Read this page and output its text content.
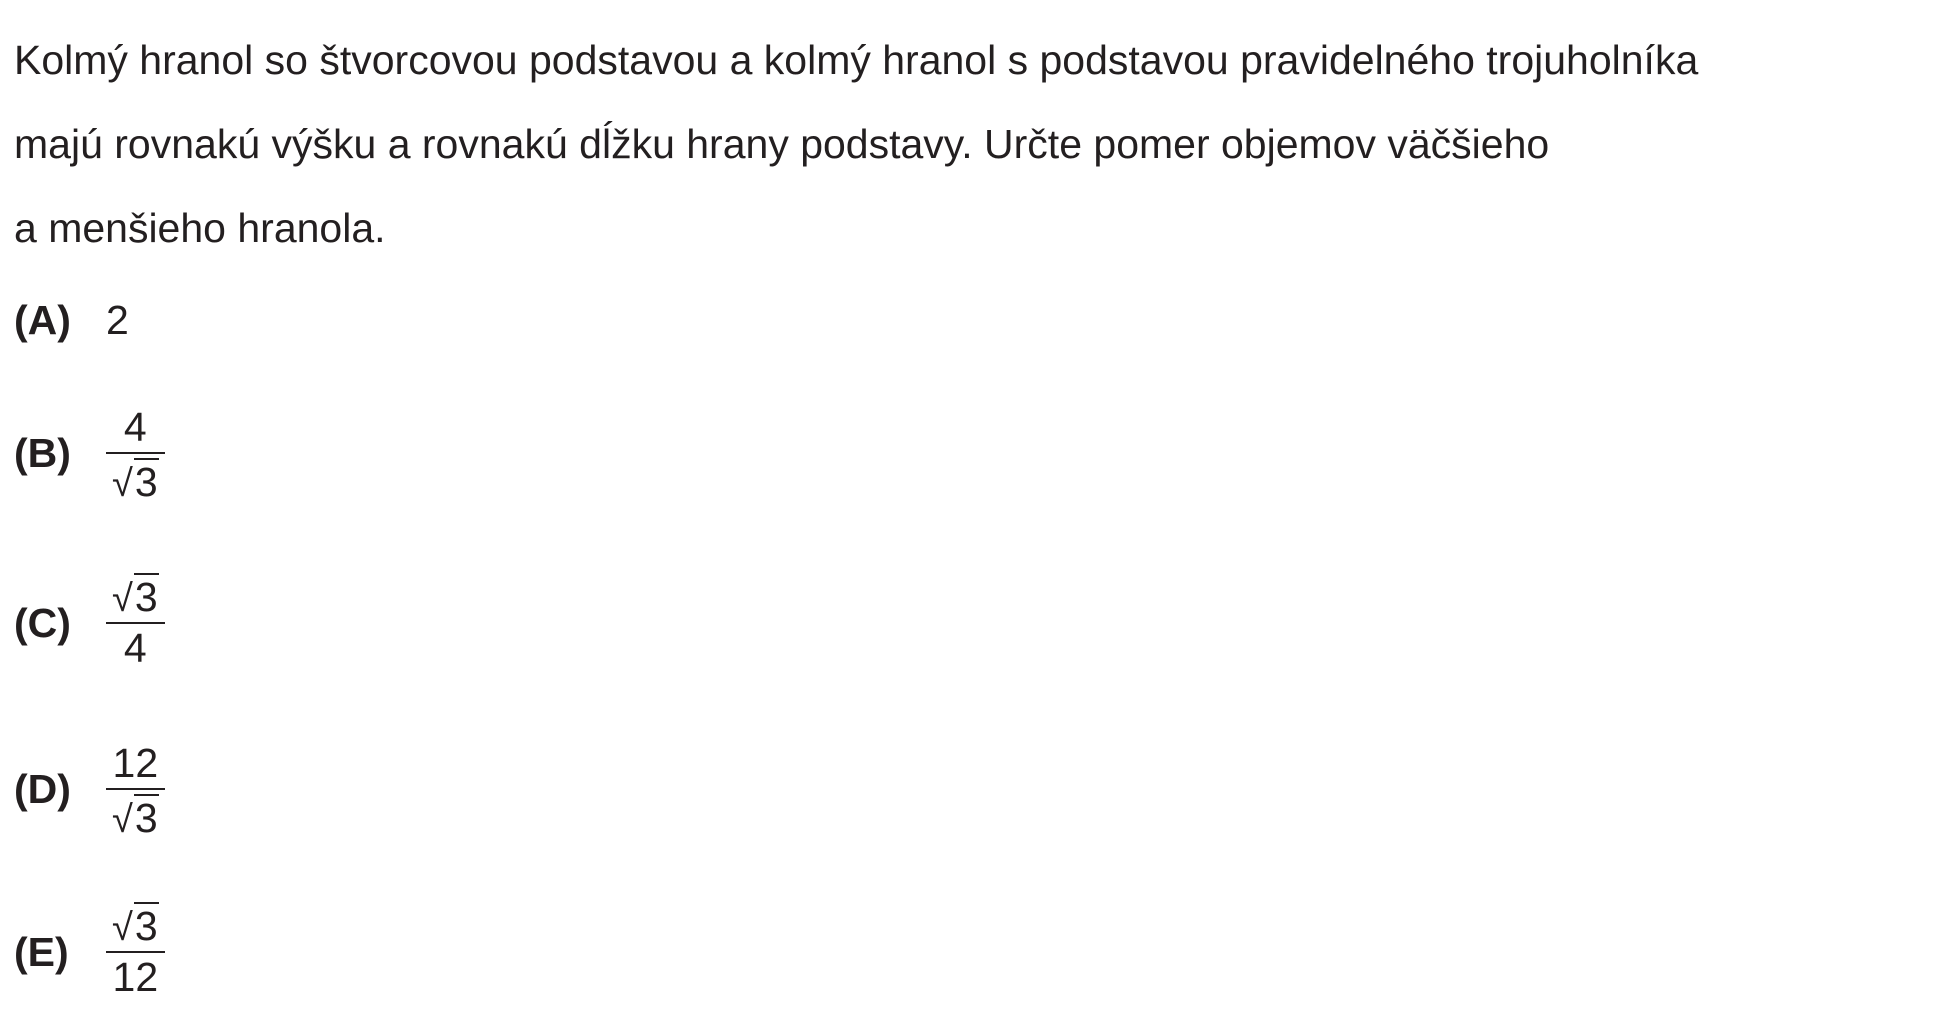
Kolmý hranol so štvorcovou podstavou a kolmý hranol s podstavou pravidelného trojuholníka
majú rovnakú výšku a rovnakú dĺžku hrany podstavy. Určte pomer objemov väčšieho
a menšieho hranola.
(A) 2
$(B) \frac{4}{√ 3}$
$(C) \frac{√ 3}{4}$
$(D) \frac{12}{√ 3}$
$(E) \frac{√ 3}{12}$
